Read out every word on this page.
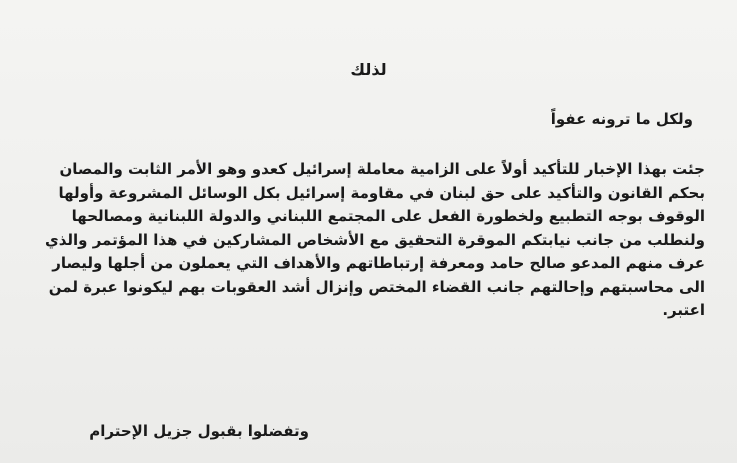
لذلك
ولكل ما ترونه عفواً
جئت بهذا الإخبار للتأكيد أولاً على الزامية معاملة إسرائيل كعدو وهو الأمر الثابت والمصان
بحكم القانون والتأكيد على حق لبنان في مقاومة إسرائيل بكل الوسائل المشروعة وأولها
الوقوف بوجه التطبيع ولخطورة الفعل على المجتمع اللبناني والدولة اللبنانية ومصالحها
ولنطلب من جانب نيابتكم الموقرة التحقيق مع الأشخاص المشاركين في هذا المؤتمر والذي
عرف منهم المدعو صالح حامد ومعرفة إرتباطاتهم والأهداف التي يعملون من أجلها وليصار
الى محاسبتهم وإحالتهم جانب القضاء المختص وإنزال أشد العقوبات بهم ليكونوا عبرة لمن
اعتبر.
وتفضلوا بقبول جزيل الإحترام
